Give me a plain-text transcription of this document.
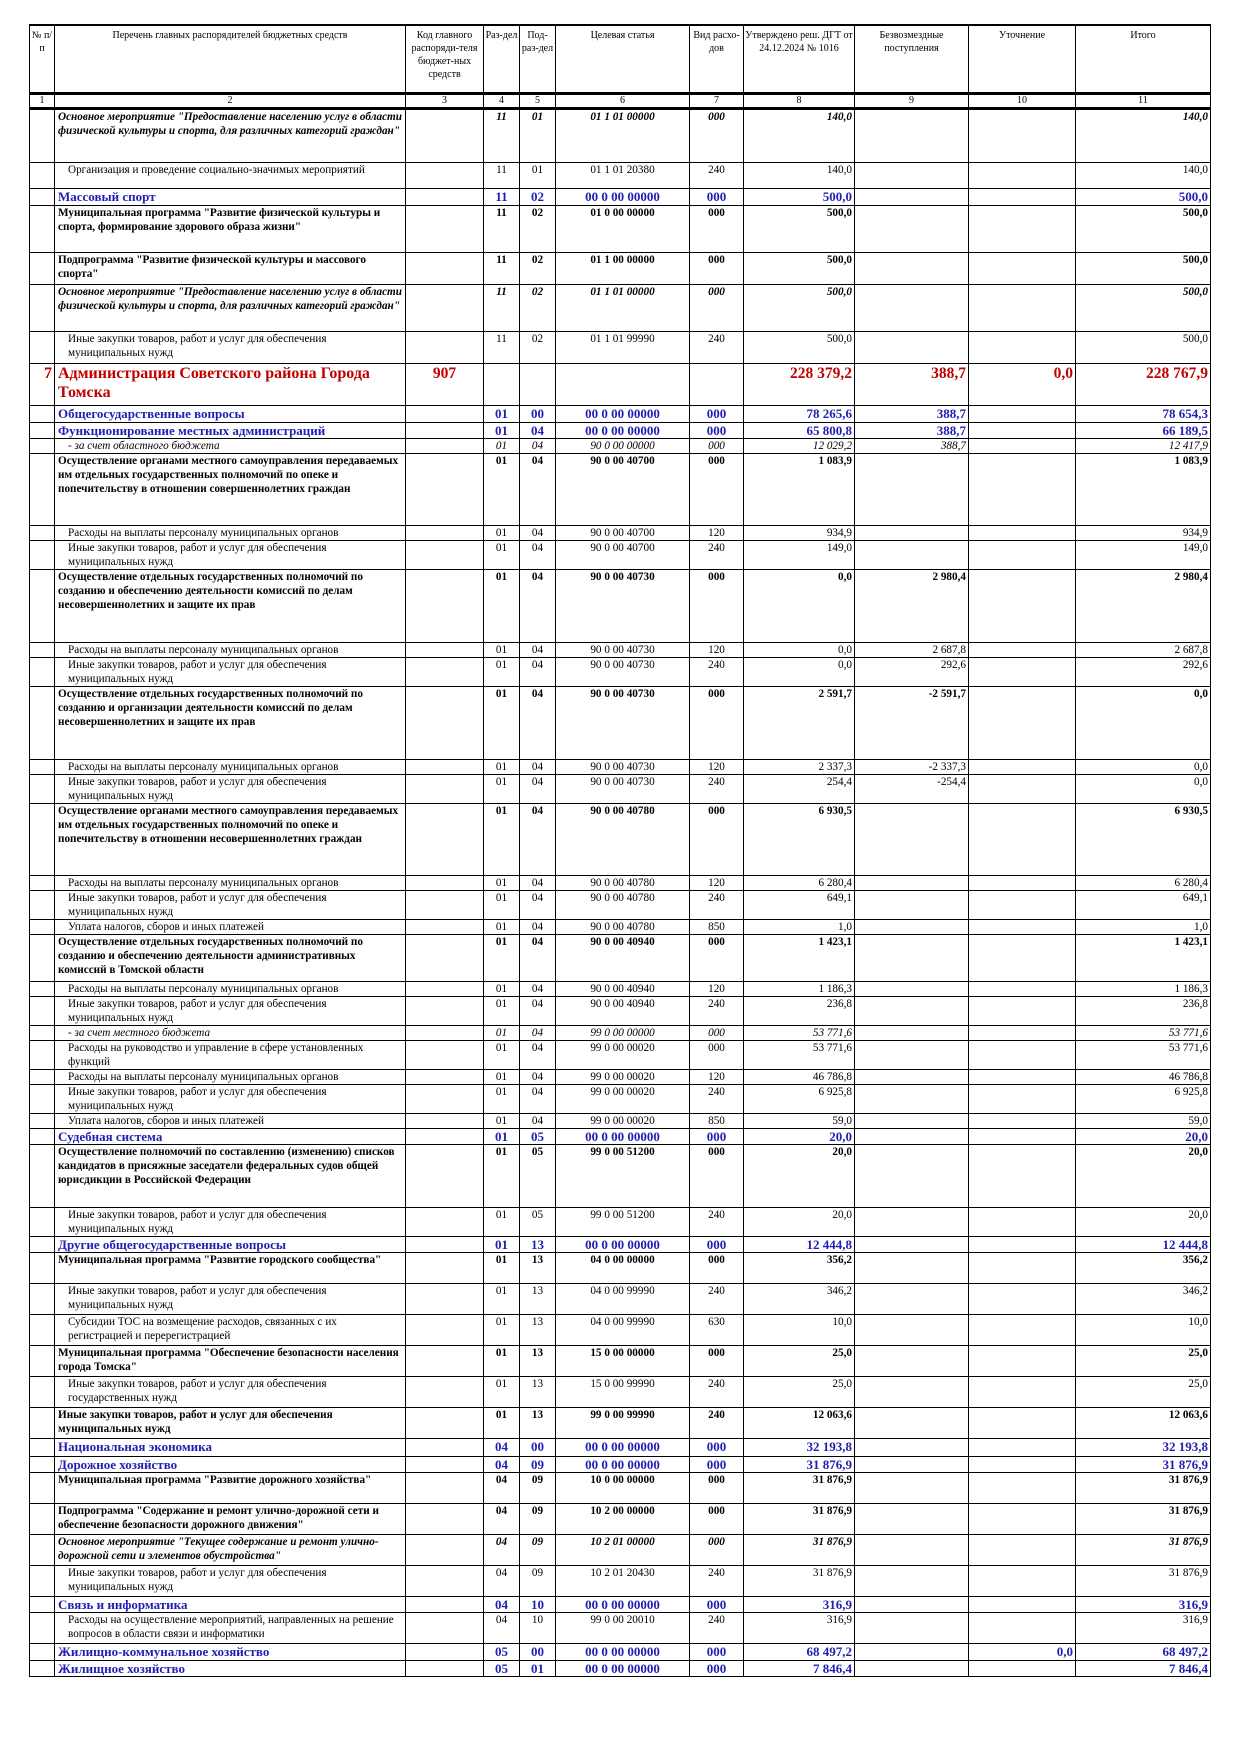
№ п/п	Перечень главных распорядителей бюджетных средств	Код главного распоряди-теля бюджет-ных средств	Раз-дел	Под-раз-дел	Целевая статья	Вид расхо-дов	Утверждено реш. ДГТ от 24.12.2024 № 1016	Безвозмездные поступления	Уточнение	Итого
1	2	3	4	5	6	7	8	9	10	11
	Основное мероприятие "Предоставление населению услуг в области физической культуры и спорта, для различных категорий граждан"		11	01	01 1 01 00000	000	140,0			140,0
	Организация и проведение социально-значимых мероприятий		11	01	01 1 01 20380	240	140,0			140,0
	Массовый спорт		11	02	00 0 00 00000	000	500,0			500,0
	Муниципальная программа "Развитие физической культуры и спорта, формирование здорового образа жизни"		11	02	01 0 00 00000	000	500,0			500,0
	Подпрограмма "Развитие физической культуры и массового спорта"		11	02	01 1 00 00000	000	500,0			500,0
	Основное мероприятие "Предоставление населению услуг в области физической культуры и спорта, для различных категорий граждан"		11	02	01 1 01 00000	000	500,0			500,0
	Иные закупки товаров, работ и услуг для обеспечения муниципальных нужд		11	02	01 1 01 99990	240	500,0			500,0
7	Администрация Советского района Города Томска	907					228 379,2	388,7	0,0	228 767,9
	Общегосударственные вопросы		01	00	00 0 00 00000	000	78 265,6	388,7		78 654,3
	Функционирование местных администраций		01	04	00 0 00 00000	000	65 800,8	388,7		66 189,5
	- за счет областного бюджета		01	04	90 0 00 00000	000	12 029,2	388,7		12 417,9
	Осуществление органами местного самоуправления передаваемых им отдельных государственных полномочий по опеке и попечительству в отношении совершеннолетних граждан		01	04	90 0 00 40700	000	1 083,9			1 083,9
	Расходы на выплаты персоналу муниципальных органов		01	04	90 0 00 40700	120	934,9			934,9
	Иные закупки товаров, работ и услуг для обеспечения муниципальных нужд		01	04	90 0 00 40700	240	149,0			149,0
	Осуществление отдельных государственных полномочий по созданию и обеспечению деятельности комиссий по делам несовершеннолетних и защите их прав		01	04	90 0 00 40730	000	0,0	2 980,4		2 980,4
	Расходы на выплаты персоналу муниципальных органов		01	04	90 0 00 40730	120	0,0	2 687,8		2 687,8
	Иные закупки товаров, работ и услуг для обеспечения муниципальных нужд		01	04	90 0 00 40730	240	0,0	292,6		292,6
	Осуществление отдельных государственных полномочий по созданию и организации деятельности комиссий по делам несовершеннолетних и защите их прав		01	04	90 0 00 40730	000	2 591,7	-2 591,7		0,0
	Расходы на выплаты персоналу муниципальных органов		01	04	90 0 00 40730	120	2 337,3	-2 337,3		0,0
	Иные закупки товаров, работ и услуг для обеспечения муниципальных нужд		01	04	90 0 00 40730	240	254,4	-254,4		0,0
	Осуществление органами местного самоуправления передаваемых им отдельных государственных полномочий по опеке и попечительству в отношении несовершеннолетних граждан		01	04	90 0 00 40780	000	6 930,5			6 930,5
	Расходы на выплаты персоналу муниципальных органов		01	04	90 0 00 40780	120	6 280,4			6 280,4
	Иные закупки товаров, работ и услуг для обеспечения муниципальных нужд		01	04	90 0 00 40780	240	649,1			649,1
	Уплата налогов, сборов и иных платежей		01	04	90 0 00 40780	850	1,0			1,0
	Осуществление отдельных государственных полномочий по созданию и обеспечению деятельности административных комиссий в Томской области		01	04	90 0 00 40940	000	1 423,1			1 423,1
	Расходы на выплаты персоналу муниципальных органов		01	04	90 0 00 40940	120	1 186,3			1 186,3
	Иные закупки товаров, работ и услуг для обеспечения муниципальных нужд		01	04	90 0 00 40940	240	236,8			236,8
	- за счет местного бюджета		01	04	99 0 00 00000	000	53 771,6			53 771,6
	Расходы на руководство и управление в сфере установленных функций		01	04	99 0 00 00020	000	53 771,6			53 771,6
	Расходы на выплаты персоналу муниципальных органов		01	04	99 0 00 00020	120	46 786,8			46 786,8
	Иные закупки товаров, работ и услуг для обеспечения муниципальных нужд		01	04	99 0 00 00020	240	6 925,8			6 925,8
	Уплата налогов, сборов и иных платежей		01	04	99 0 00 00020	850	59,0			59,0
	Судебная система		01	05	00 0 00 00000	000	20,0			20,0
	Осуществление полномочий по составлению (изменению) списков кандидатов в присяжные заседатели федеральных судов общей юрисдикции в Российской Федерации		01	05	99 0 00 51200	000	20,0			20,0
	Иные закупки товаров, работ и услуг для обеспечения муниципальных нужд		01	05	99 0 00 51200	240	20,0			20,0
	Другие общегосударственные вопросы		01	13	00 0 00 00000	000	12 444,8			12 444,8
	Муниципальная программа "Развитие городского сообщества"		01	13	04 0 00 00000	000	356,2			356,2
	Иные закупки товаров, работ и услуг для обеспечения муниципальных нужд		01	13	04 0 00 99990	240	346,2			346,2
	Субсидии ТОС на возмещение расходов, связанных с их регистрацией и перерегистрацией		01	13	04 0 00 99990	630	10,0			10,0
	Муниципальная программа "Обеспечение безопасности населения города Томска"		01	13	15 0 00 00000	000	25,0			25,0
	Иные закупки товаров, работ и услуг для обеспечения государственных нужд		01	13	15 0 00 99990	240	25,0			25,0
	Иные закупки товаров, работ и услуг для обеспечения муниципальных нужд		01	13	99 0 00 99990	240	12 063,6			12 063,6
	Национальная экономика		04	00	00 0 00 00000	000	32 193,8			32 193,8
	Дорожное хозяйство		04	09	00 0 00 00000	000	31 876,9			31 876,9
	Муниципальная программа "Развитие дорожного хозяйства"		04	09	10 0 00 00000	000	31 876,9			31 876,9
	Подпрограмма "Содержание и ремонт улично-дорожной сети и обеспечение безопасности дорожного движения"		04	09	10 2 00 00000	000	31 876,9			31 876,9
	Основное мероприятие "Текущее содержание и ремонт улично-дорожной сети и элементов обустройства"		04	09	10 2 01 00000	000	31 876,9			31 876,9
	Иные закупки товаров, работ и услуг для обеспечения муниципальных нужд		04	09	10 2 01 20430	240	31 876,9			31 876,9
	Связь и информатика		04	10	00 0 00 00000	000	316,9			316,9
	Расходы на осуществление мероприятий, направленных на решение вопросов в области связи и информатики		04	10	99 0 00 20010	240	316,9			316,9
	Жилищно-коммунальное хозяйство		05	00	00 0 00 00000	000	68 497,2		0,0	68 497,2
	Жилищное хозяйство		05	01	00 0 00 00000	000	7 846,4			7 846,4
